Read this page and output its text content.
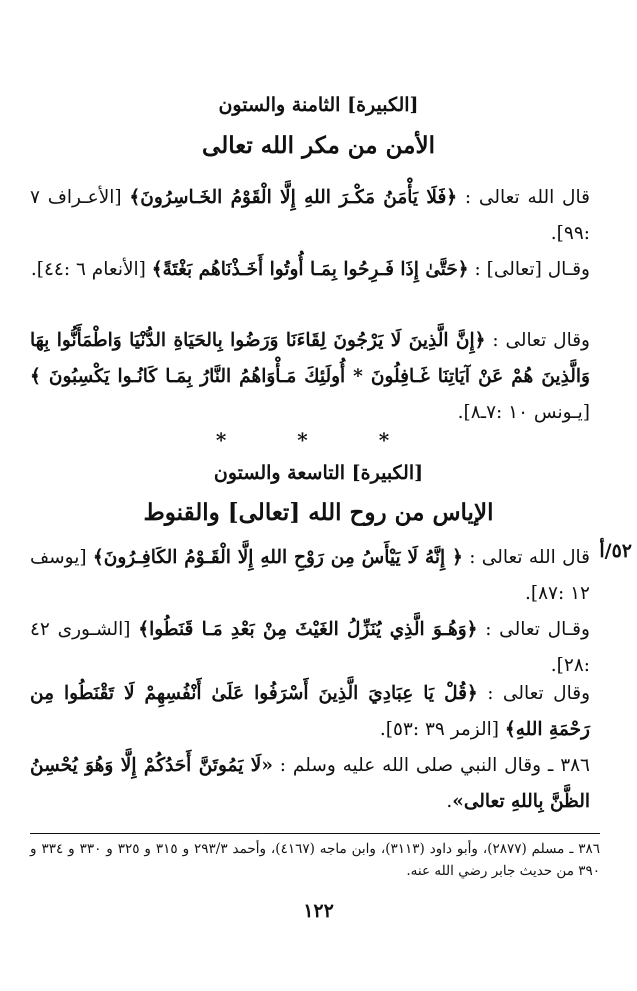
[الكبيرة] الثامنة والستون
الأمن من مكر الله تعالى
قال الله تعالى : ﴿فَلَا يَأْمَنُ مَكْـرَ اللهِ إِلَّا الْقَوْمُ الخَـاسِرُونَ﴾ [الأعـراف ٧ :٩٩].
وقـال [تعالى] : ﴿حَتَّىٰ إِذَا فَـرِحُوا بِمَـا أُوتُوا أَخَـذْنَاهُم بَغْتَةً﴾ [الأنعام ٦ :٤٤].
وقال تعالى : ﴿إِنَّ الَّذِينَ لَا يَرْجُونَ لِقَاءَنَا وَرَضُوا بِالحَيَاةِ الدُّنْيَا وَاطْمَأَنُّوا بِهَا وَالَّذِينَ هُمْ عَنْ آيَاتِنَا غَـافِلُونَ * أُولَئِكَ مَـأْوَاهُمُ النَّارُ بِمَـا كَانُـوا يَكْسِبُونَ ﴾ [يـونس ١٠ :٧ـ٨].
* * *
[الكبيرة] التاسعة والستون
الإياس من روح الله [تعالى] والقنوط
٥٢/أ
قال الله تعالى : ﴿ إِنَّهُ لَا يَيْأَسُ مِن رَوْحِ اللهِ إِلَّا الْقَـوْمُ الكَافِـرُونَ﴾ [يوسف ١٢ :٨٧].
وقـال تعالى : ﴿وَهُـوَ الَّذِي يُنَزِّلُ الغَيْثَ مِنْ بَعْدِ مَـا قَنَطُوا﴾ [الشـورى ٤٢ :٢٨].
وقال تعالى : ﴿قُلْ يَا عِبَادِيَ الَّذِينَ أَسْرَفُوا عَلَىٰ أَنْفُسِهِمْ لَا تَقْنَطُوا مِن رَحْمَةِ اللهِ﴾ [الزمر ٣٩ :٥٣].
٣٨٦ ـ وقال النبي صلى الله عليه وسلم : «لَا يَمُوتَنَّ أَحَدُكُمْ إِلَّا وَهُوَ يُحْسِنُ الظَّنَّ بِاللهِ تعالى».
٣٨٦ ـ مسلم (٢٨٧٧)، وأبو داود (٣١١٣)، وابن ماجه (٤١٦٧)، وأحمد ٢٩٣/٣ و ٣١٥ و ٣٢٥ و ٣٣٠ و ٣٣٤ و ٣٩٠ من حديث جابر رضي الله عنه.
١٢٢
